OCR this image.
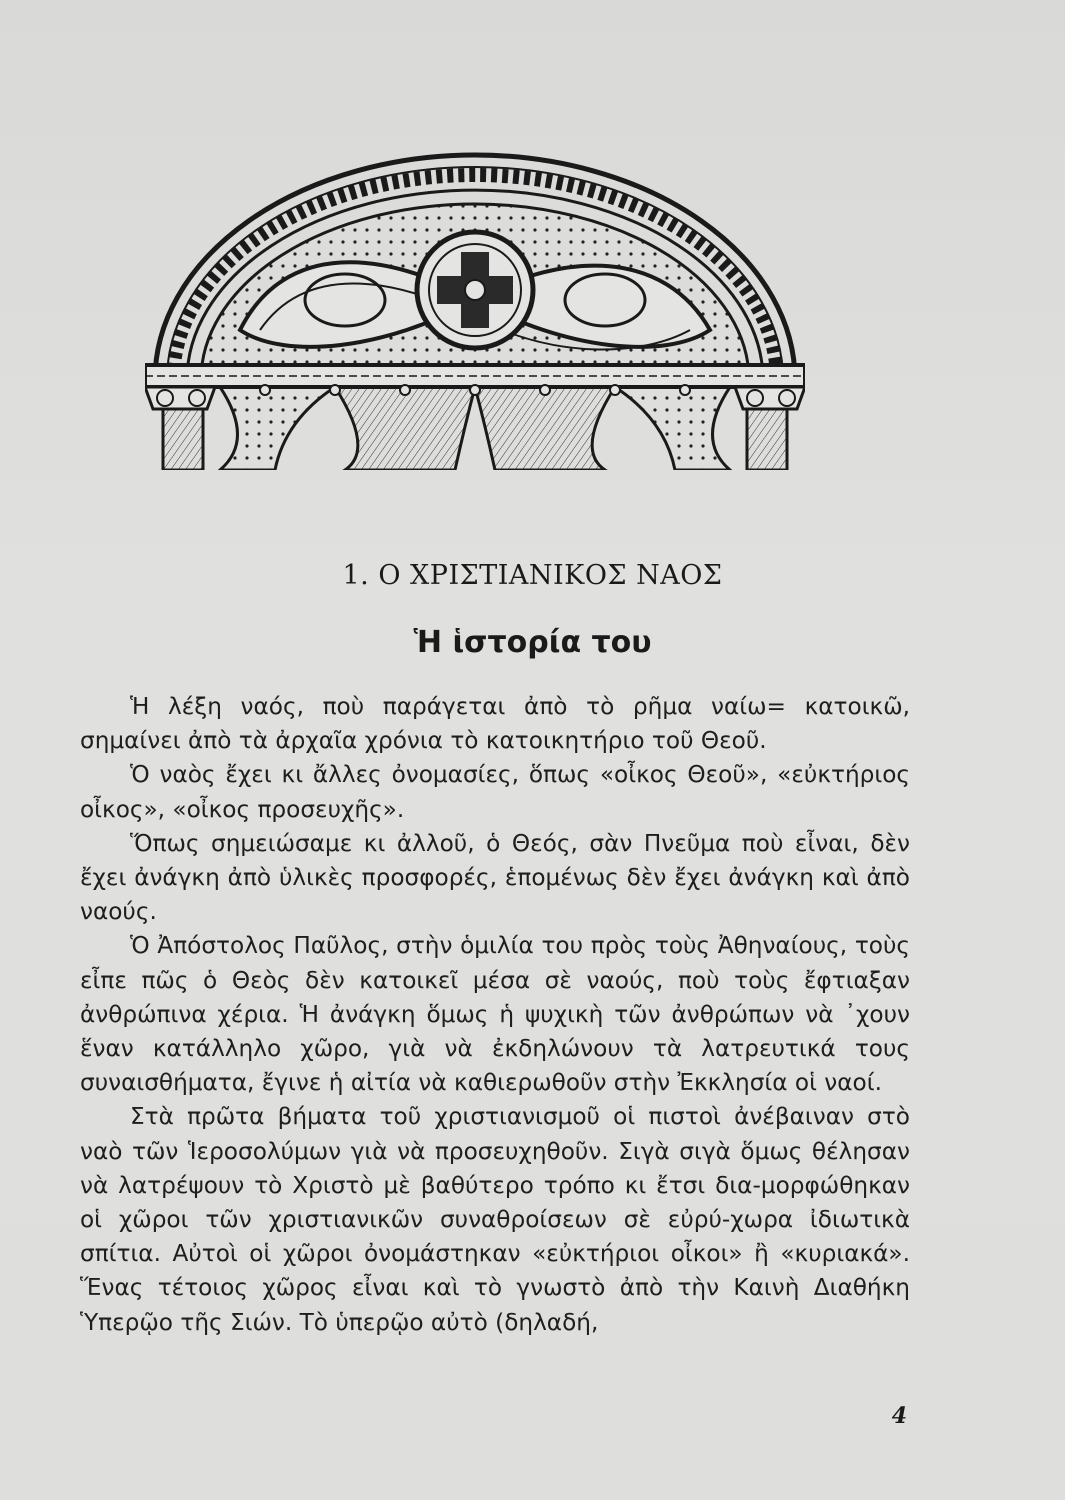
1. Ο ΧΡΙΣΤΙΑΝΙΚΟΣ ΝΑΟΣ
Ἡ ἱστορία του

Ἡ λέξη ναός, ποὺ παράγεται ἀπὸ τὸ ρῆμα ναίω= κατοικῶ, σημαίνει ἀπὸ τὰ ἀρχαῖα χρόνια τὸ κατοικητήριο τοῦ Θεοῦ.

Ὁ ναὸς ἔχει κι ἄλλες ὀνομασίες, ὅπως «οἶκος Θεοῦ», «εὐκτήριος οἶκος», «οἶκος προσευχῆς».

Ὅπως σημειώσαμε κι ἀλλοῦ, ὁ Θεός, σὰν Πνεῦμα ποὺ εἶναι, δὲν ἔχει ἀνάγκη ἀπὸ ὑλικὲς προσφορές, ἑπομένως δὲν ἔχει ἀνάγκη καὶ ἀπὸ ναούς.

Ὁ Ἀπόστολος Παῦλος, στὴν ὁμιλία του πρὸς τοὺς Ἀθηναίους, τοὺς εἶπε πῶς ὁ Θεὸς δὲν κατοικεῖ μέσα σὲ ναούς, ποὺ τοὺς ἔφτιαξαν ἀνθρώπινα χέρια. Ἡ ἀνάγκη ὅμως ἡ ψυχικὴ τῶν ἀνθρώπων νὰ ᾽χουν ἕναν κατάλληλο χῶρο, γιὰ νὰ ἐκδηλώνουν τὰ λατρευτικά τους συναισθήματα, ἔγινε ἡ αἰτία νὰ καθιερωθοῦν στὴν Ἐκκλησία οἱ ναοί.

Στὰ πρῶτα βήματα τοῦ χριστιανισμοῦ οἱ πιστοὶ ἀνέβαιναν στὸ ναὸ τῶν Ἱεροσολύμων γιὰ νὰ προσευχηθοῦν. Σιγὰ σιγὰ ὅμως θέλησαν νὰ λατρέψουν τὸ Χριστὸ μὲ βαθύτερο τρόπο κι ἔτσι δια-μορφώθηκαν οἱ χῶροι τῶν χριστιανικῶν συναθροίσεων σὲ εὐρύ-χωρα ἰδιωτικὰ σπίτια. Αὐτοὶ οἱ χῶροι ὀνομάστηκαν «εὐκτήριοι οἶκοι» ἢ «κυριακά». Ἕνας τέτοιος χῶρος εἶναι καὶ τὸ γνωστὸ ἀπὸ τὴν Καινὴ Διαθήκη Ὑπερῷο τῆς Σιών. Τὸ ὑπερῷο αὐτὸ (δηλαδή,

4
